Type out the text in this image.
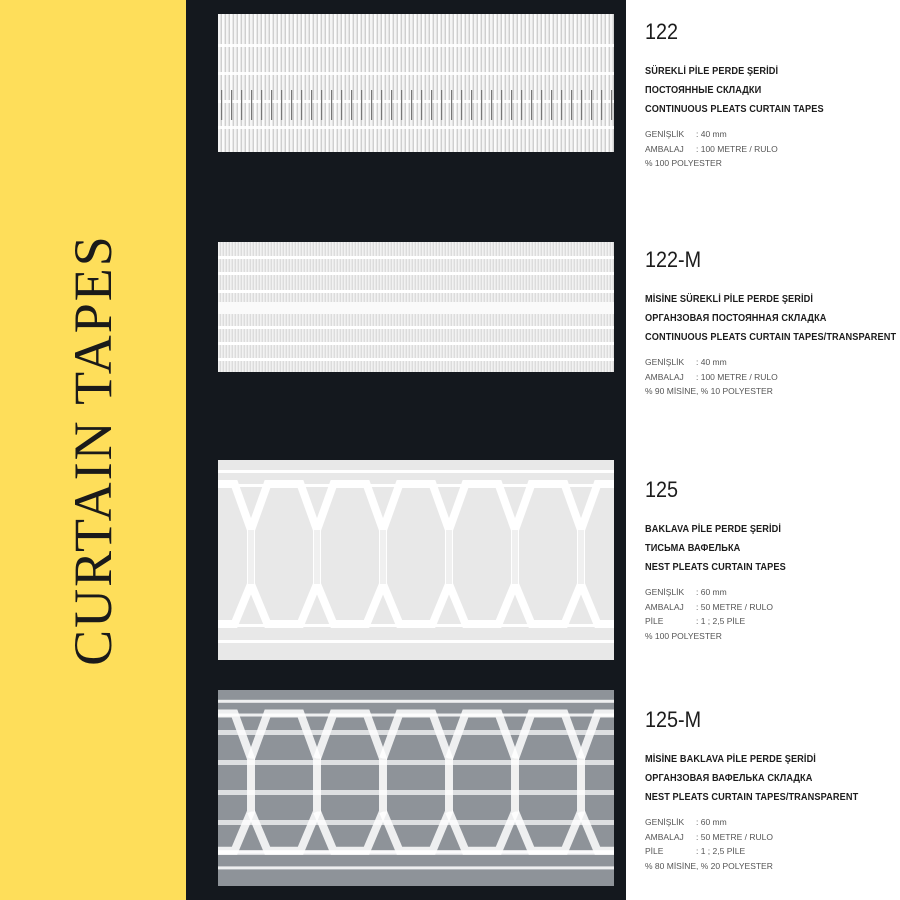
CURTAIN TAPES
122
SÜREKLİ PİLE PERDE ŞERİDİ
ПОСТОЯННЫЕ СКЛАДКИ
CONTINUOUS PLEATS CURTAIN TAPES
GENİŞLİK : 40 mm
AMBALAJ : 100 METRE / RULO
% 100 POLYESTER
122-M
MİSİNE SÜREKLİ PİLE PERDE ŞERİDİ
ОРГАНЗОВАЯ ПОСТОЯННАЯ СКЛАДКА
CONTINUOUS PLEATS CURTAIN TAPES/TRANSPARENT
GENİŞLİK : 40 mm
AMBALAJ : 100 METRE / RULO
% 90 MİSİNE, % 10 POLYESTER
125
BAKLAVA PİLE PERDE ŞERİDİ
ТИСЬМА ВАФЕЛЬКА
NEST PLEATS CURTAIN TAPES
GENİŞLİK : 60 mm
AMBALAJ : 50 METRE / RULO
PİLE	: 1 ; 2,5 PİLE
% 100 POLYESTER
125-M
MİSİNE BAKLAVA PİLE PERDE ŞERİDİ
ОРГАНЗОВАЯ ВАФЕЛЬКА СКЛАДКА
NEST PLEATS CURTAIN TAPES/TRANSPARENT
GENİŞLİK : 60 mm
AMBALAJ : 50 METRE / RULO
PİLE	: 1 ; 2,5 PİLE
% 80 MİSİNE, % 20 POLYESTER
